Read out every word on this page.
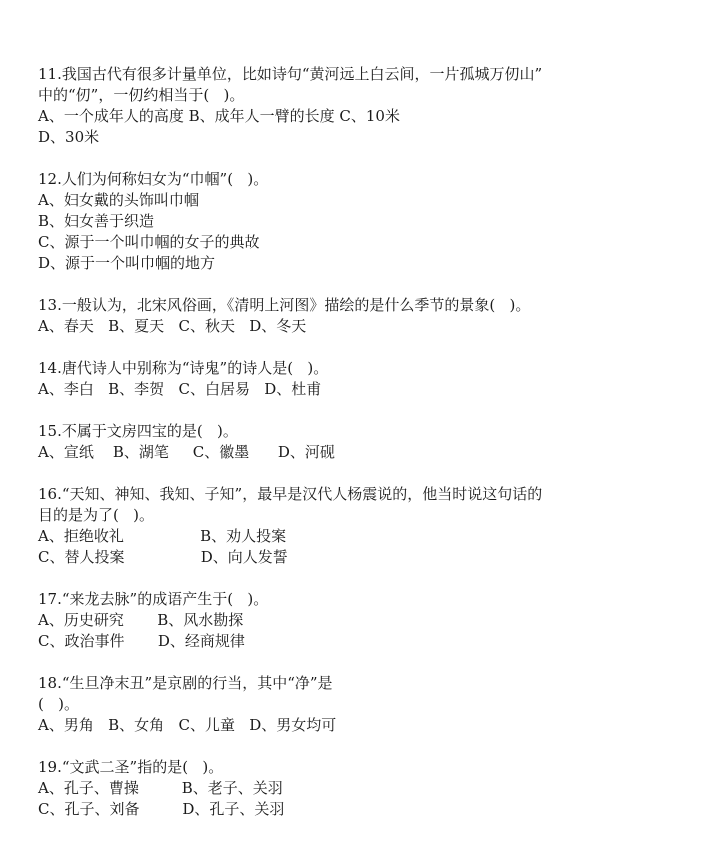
11.我国古代有很多计量单位，比如诗句“黄河远上白云间，一片孤城万仞山”
中的“仞”，一仞约相当于(   )。
A、一个成年人的高度 B、成年人一臂的长度 C、10米
D、30米
12.人们为何称妇女为“巾帼”(   )。
A、妇女戴的头饰叫巾帼
B、妇女善于织造
C、源于一个叫巾帼的女子的典故
D、源于一个叫巾帼的地方
13.一般认为，北宋风俗画，《清明上河图》描绘的是什么季节的景象(   )。
A、春天   B、夏天   C、秋天   D、冬天
14.唐代诗人中别称为“诗鬼”的诗人是(   )。
A、李白   B、李贺   C、白居易   D、杜甫
15.不属于文房四宝的是(   )。
A、宣纸    B、湖笔     C、徽墨      D、河砚
16.“天知、神知、我知、子知”，最早是汉代人杨震说的，他当时说这句话的
目的是为了(   )。
A、拒绝收礼                B、劝人投案
C、替人投案                D、向人发誓
17.“来龙去脉”的成语产生于(   )。
A、历史研究       B、风水勘探
C、政治事件       D、经商规律
18.“生旦净末丑”是京剧的行当，其中“净”是
(   )。
A、男角   B、女角   C、儿童   D、男女均可
19.“文武二圣”指的是(   )。
A、孔子、曹操         B、老子、关羽
C、孔子、刘备         D、孔子、关羽
